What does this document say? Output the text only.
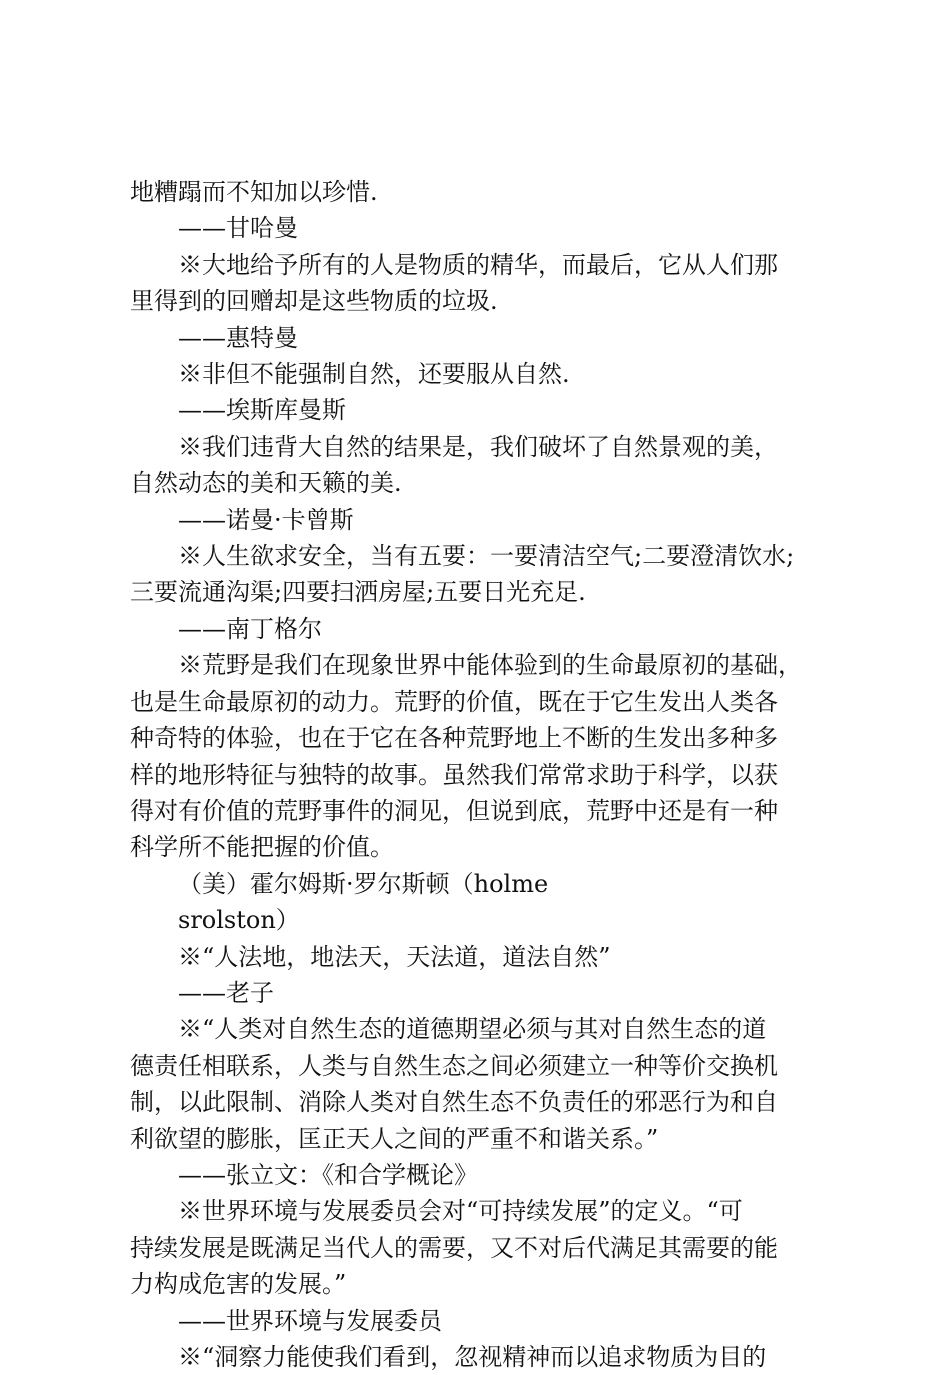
地糟蹋而不知加以珍惜.
——甘哈曼
※大地给予所有的人是物质的精华，而最后，它从人们那
里得到的回赠却是这些物质的垃圾.
——惠特曼
※非但不能强制自然，还要服从自然.
——埃斯库曼斯
※我们违背大自然的结果是，我们破坏了自然景观的美，
自然动态的美和天籁的美.
——诺曼·卡曾斯
※人生欲求安全，当有五要：一要清洁空气;二要澄清饮水;
三要流通沟渠;四要扫洒房屋;五要日光充足.
——南丁格尔
※荒野是我们在现象世界中能体验到的生命最原初的基础，
也是生命最原初的动力。荒野的价值，既在于它生发出人类各
种奇特的体验，也在于它在各种荒野地上不断的生发出多种多
样的地形特征与独特的故事。虽然我们常常求助于科学，以获
得对有价值的荒野事件的洞见，但说到底，荒野中还是有一种
科学所不能把握的价值。
（美）霍尔姆斯·罗尔斯顿（holme
srolston）
※“人法地，地法天，天法道，道法自然”
——老子
※“人类对自然生态的道德期望必须与其对自然生态的道
德责任相联系，人类与自然生态之间必须建立一种等价交换机
制，以此限制、消除人类对自然生态不负责任的邪恶行为和自
利欲望的膨胀，匡正天人之间的严重不和谐关系。”
——张立文：《和合学概论》
※世界环境与发展委员会对“可持续发展”的定义。“可
持续发展是既满足当代人的需要，又不对后代满足其需要的能
力构成危害的发展。”
——世界环境与发展委员
※“洞察力能使我们看到，忽视精神而以追求物质为目的
